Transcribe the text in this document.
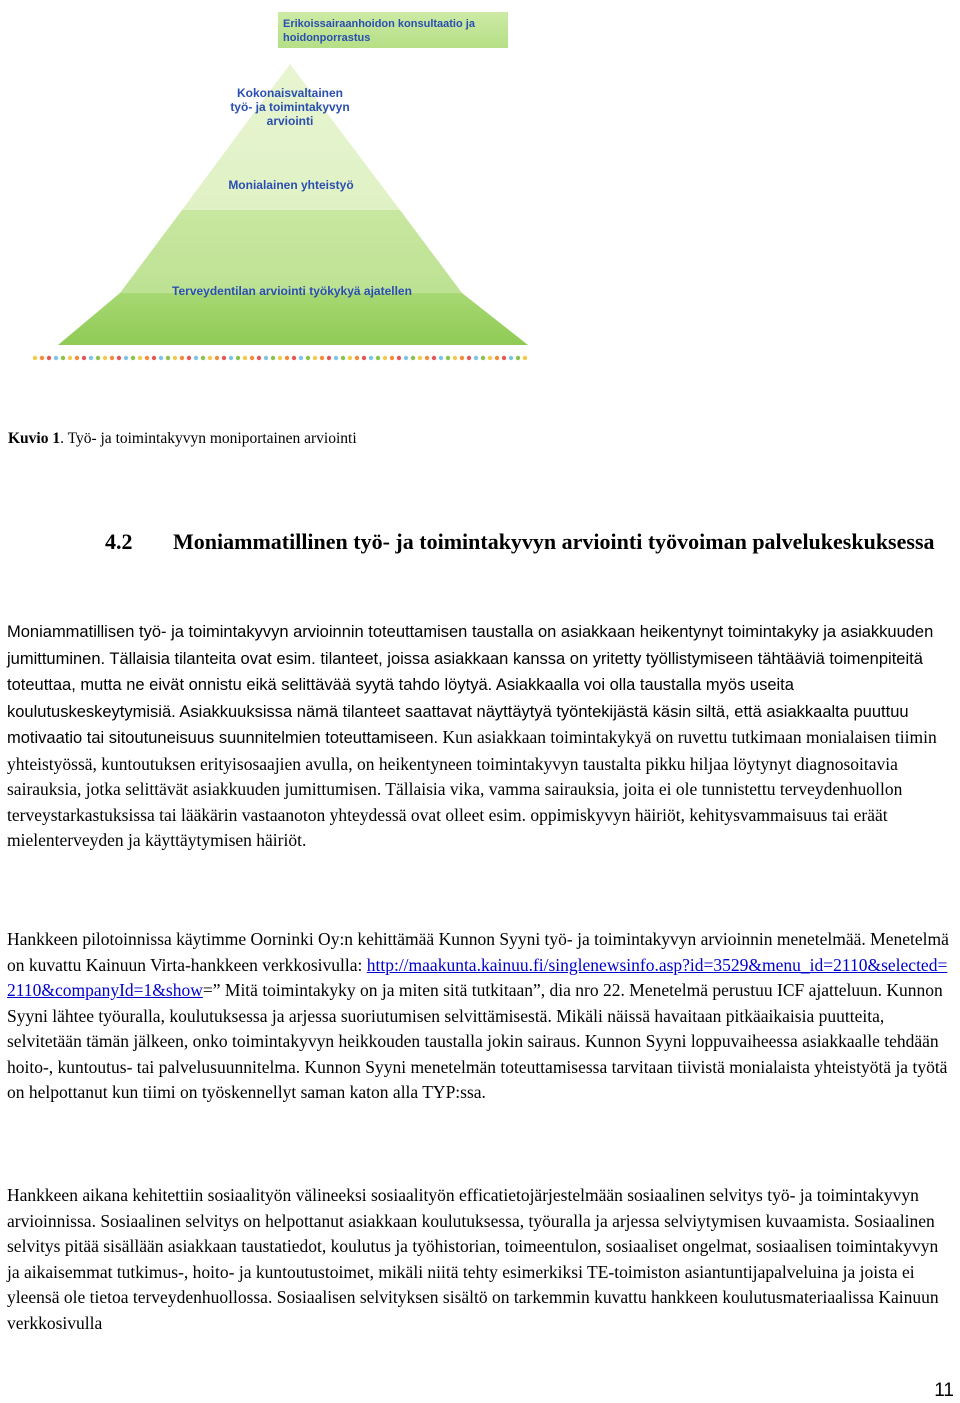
Erikoissairaanhoidon konsultaatio ja
hoidonporrastus
Kokonaisvaltainen
työ- ja toimintakyvyn
arviointi
Monialainen yhteistyö
Terveydentilan arviointi työkykyä ajatellen
Kuvio 1. Työ- ja toimintakyvyn moniportainen arviointi
4.2 Moniammatillinen työ- ja toimintakyvyn arviointi työvoiman palvelukeskuksessa
Moniammatillisen työ- ja toimintakyvyn arvioinnin toteuttamisen taustalla on asiakkaan heikentynyt toimintakyky ja asiakkuuden jumittuminen. Tällaisia tilanteita ovat esim. tilanteet, joissa asiakkaan kanssa on yritetty työllistymiseen tähtääviä toimenpiteitä toteuttaa, mutta ne eivät onnistu eikä selittävää syytä tahdo löytyä. Asiakkaalla voi olla taustalla myös useita koulutuskeskeytymisiä. Asiakkuuksissa nämä tilanteet saattavat näyttäytyä työntekijästä käsin siltä, että asiakkaalta puuttuu motivaatio tai sitoutuneisuus suunnitelmien toteuttamiseen. Kun asiakkaan toimintakykyä on ruvettu tutkimaan monialaisen tiimin yhteistyössä, kuntoutuksen erityisosaajien avulla, on heikentyneen toimintakyvyn taustalta pikku hiljaa löytynyt diagnosoitavia sairauksia, jotka selittävät asiakkuuden jumittumisen. Tällaisia vika, vamma sairauksia, joita ei ole tunnistettu terveydenhuollon terveystarkastuksissa tai lääkärin vastaanoton yhteydessä ovat olleet esim. oppimiskyvyn häiriöt, kehitysvammaisuus tai eräät mielenterveyden ja käyttäytymisen häiriöt.
Hankkeen pilotoinnissa käytimme Oorninki Oy:n kehittämää Kunnon Syyni työ- ja toimintakyvyn arvioinnin menetelmää. Menetelmä on kuvattu Kainuun Virta-hankkeen verkkosivulla: http://maakunta.kainuu.fi/singlenewsinfo.asp?id=3529&menu_id=2110&selected=2110&companyId=1&show=” Mitä toimintakyky on ja miten sitä tutkitaan”, dia nro 22. Menetelmä perustuu ICF ajatteluun. Kunnon Syyni lähtee työuralla, koulutuksessa ja arjessa suoriutumisen selvittämisestä. Mikäli näissä havaitaan pitkäaikaisia puutteita, selvitetään tämän jälkeen, onko toimintakyvyn heikkouden taustalla jokin sairaus. Kunnon Syyni loppuvaiheessa asiakkaalle tehdään hoito-, kuntoutus- tai palvelusuunnitelma. Kunnon Syyni menetelmän toteuttamisessa tarvitaan tiivistä monialaista yhteistyötä ja työtä on helpottanut kun tiimi on työskennellyt saman katon alla TYP:ssa.
Hankkeen aikana kehitettiin sosiaalityön välineeksi sosiaalityön efficatietojärjestelmään sosiaalinen selvitys työ- ja toimintakyvyn arvioinnissa. Sosiaalinen selvitys on helpottanut asiakkaan koulutuksessa, työuralla ja arjessa selviytymisen kuvaamista. Sosiaalinen selvitys pitää sisällään asiakkaan taustatiedot, koulutus ja työhistorian, toimeentulon, sosiaaliset ongelmat, sosiaalisen toimintakyvyn ja aikaisemmat tutkimus-, hoito- ja kuntoutustoimet, mikäli niitä tehty esimerkiksi TE-toimiston asiantuntijapalveluina ja joista ei yleensä ole tietoa terveydenhuollossa. Sosiaalisen selvityksen sisältö on tarkemmin kuvattu hankkeen koulutusmateriaalissa Kainuun verkkosivulla
11
